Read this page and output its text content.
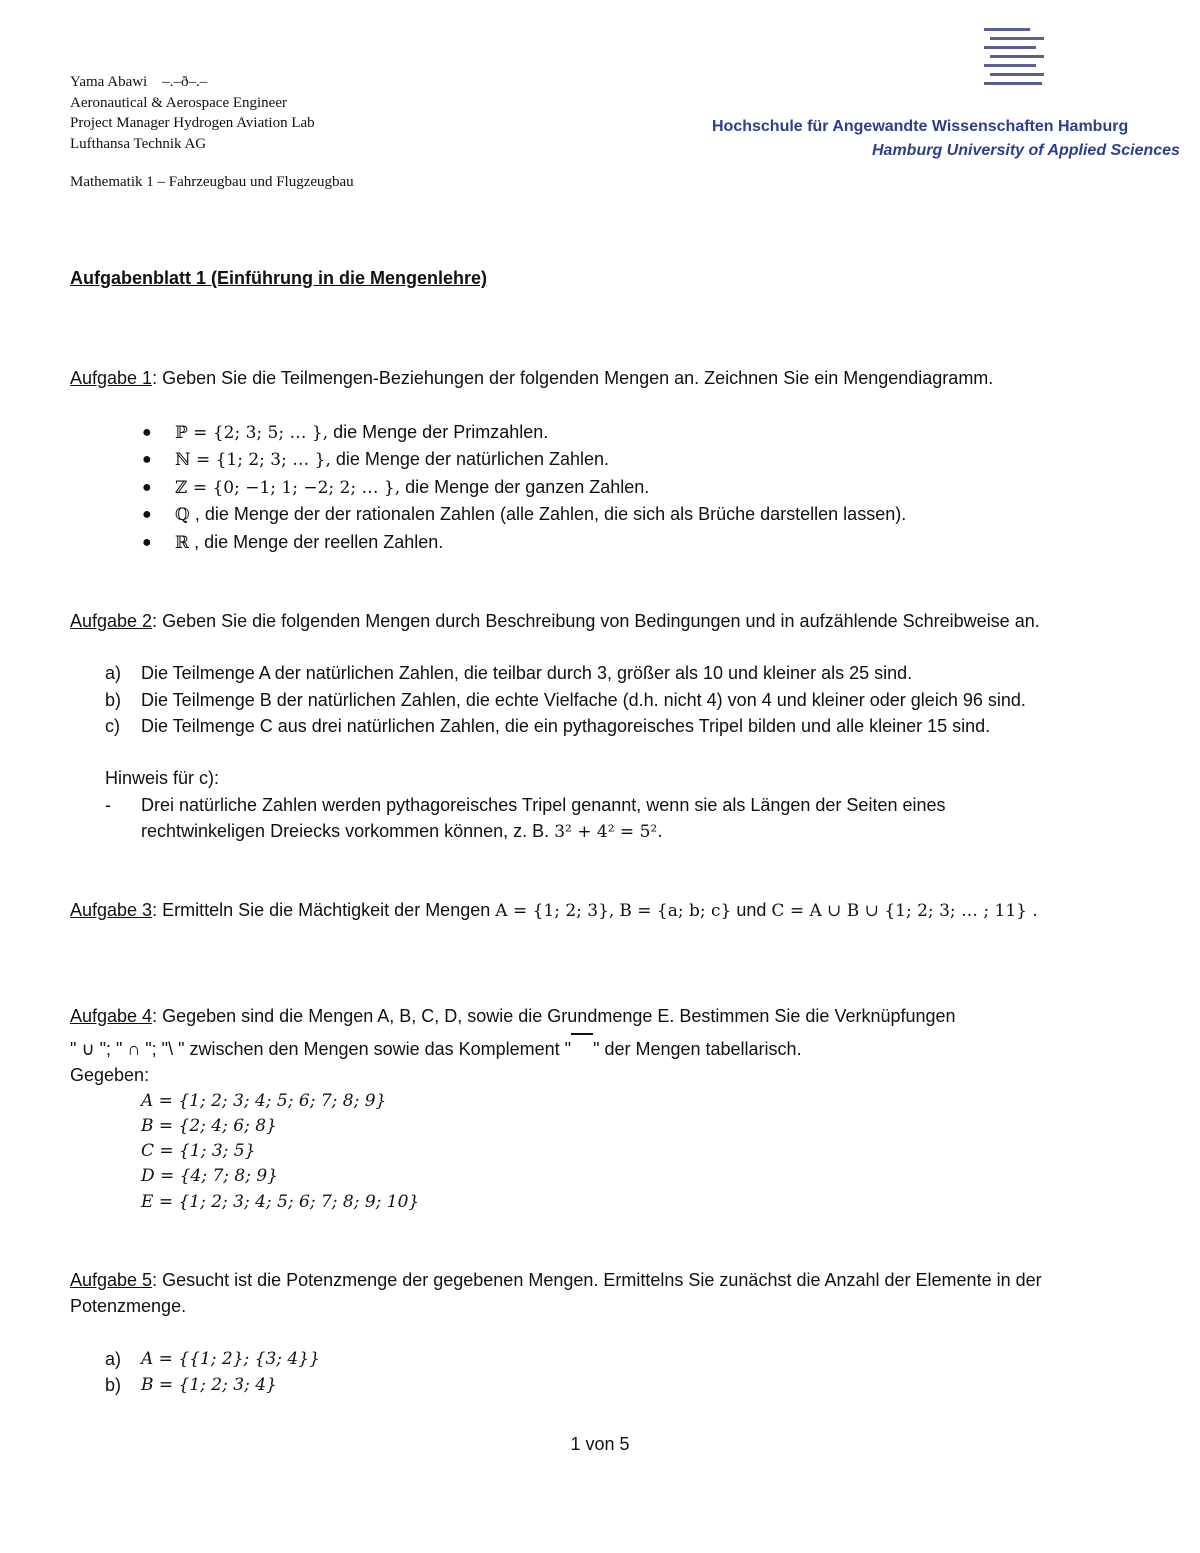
Yama Abawi –.–ð–.–
Aeronautical & Aerospace Engineer
Project Manager Hydrogen Aviation Lab
Lufthansa Technik AG
Mathematik 1 – Fahrzeugbau und Flugzeugbau
Hochschule für Angewandte Wissenschaften Hamburg
Hamburg University of Applied Sciences
Aufgabenblatt 1 (Einführung in die Mengenlehre)
Aufgabe 1: Geben Sie die Teilmengen-Beziehungen der folgenden Mengen an. Zeichnen Sie ein Mengendiagramm.
● ℙ = {2; 3; 5; … }, die Menge der Primzahlen.
● ℕ = {1; 2; 3; … }, die Menge der natürlichen Zahlen.
● ℤ = {0; −1; 1; −2; 2; … }, die Menge der ganzen Zahlen.
● ℚ , die Menge der der rationalen Zahlen (alle Zahlen, die sich als Brüche darstellen lassen).
● ℝ , die Menge der reellen Zahlen.
Aufgabe 2: Geben Sie die folgenden Mengen durch Beschreibung von Bedingungen und in aufzählende Schreibweise an.
a) Die Teilmenge A der natürlichen Zahlen, die teilbar durch 3, größer als 10 und kleiner als 25 sind.
b) Die Teilmenge B der natürlichen Zahlen, die echte Vielfache (d.h. nicht 4) von 4 und kleiner oder gleich 96 sind.
c) Die Teilmenge C aus drei natürlichen Zahlen, die ein pythagoreisches Tripel bilden und alle kleiner 15 sind.
Hinweis für c):
- Drei natürliche Zahlen werden pythagoreisches Tripel genannt, wenn sie als Längen der Seiten eines
rechtwinkeligen Dreiecks vorkommen können, z. B. 3² + 4² = 5².
Aufgabe 3: Ermitteln Sie die Mächtigkeit der Mengen A = {1; 2; 3}, B = {a; b; c} und C = A ∪ B ∪ {1; 2; 3; … ; 11} .
Aufgabe 4: Gegeben sind die Mengen A, B, C, D, sowie die Grundmenge E. Bestimmen Sie die Verknüpfungen
" ∪ "; " ∩ "; "\ " zwischen den Mengen sowie das Komplement " " der Mengen tabellarisch.
Gegeben:
A = {1; 2; 3; 4; 5; 6; 7; 8; 9}
B = {2; 4; 6; 8}
C = {1; 3; 5}
D = {4; 7; 8; 9}
E = {1; 2; 3; 4; 5; 6; 7; 8; 9; 10}
Aufgabe 5: Gesucht ist die Potenzmenge der gegebenen Mengen. Ermittelns Sie zunächst die Anzahl der Elemente in der
Potenzmenge.
a) A = {{1; 2}; {3; 4}}
b) B = {1; 2; 3; 4}
1 von 5
